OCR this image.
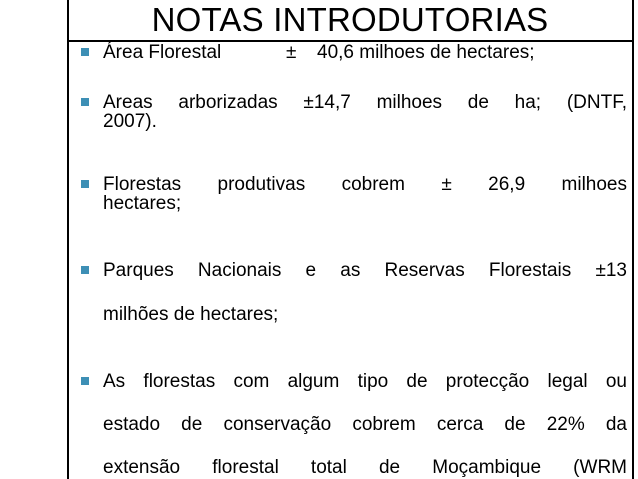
NOTAS INTRODUTORIAS
Área Florestal	± 40,6 milhoes de hectares;
Areas arborizadas ±14,7 milhoes de ha; (DNTF,
2007).
Florestas produtivas cobrem ± 26,9 milhoes
hectares;
Parques Nacionais e as Reservas Florestais ±13
milhões de hectares;
As florestas com algum tipo de protecção legal ou
estado de conservação cobrem cerca de 22% da
extensão florestal total de Moçambique (WRM
